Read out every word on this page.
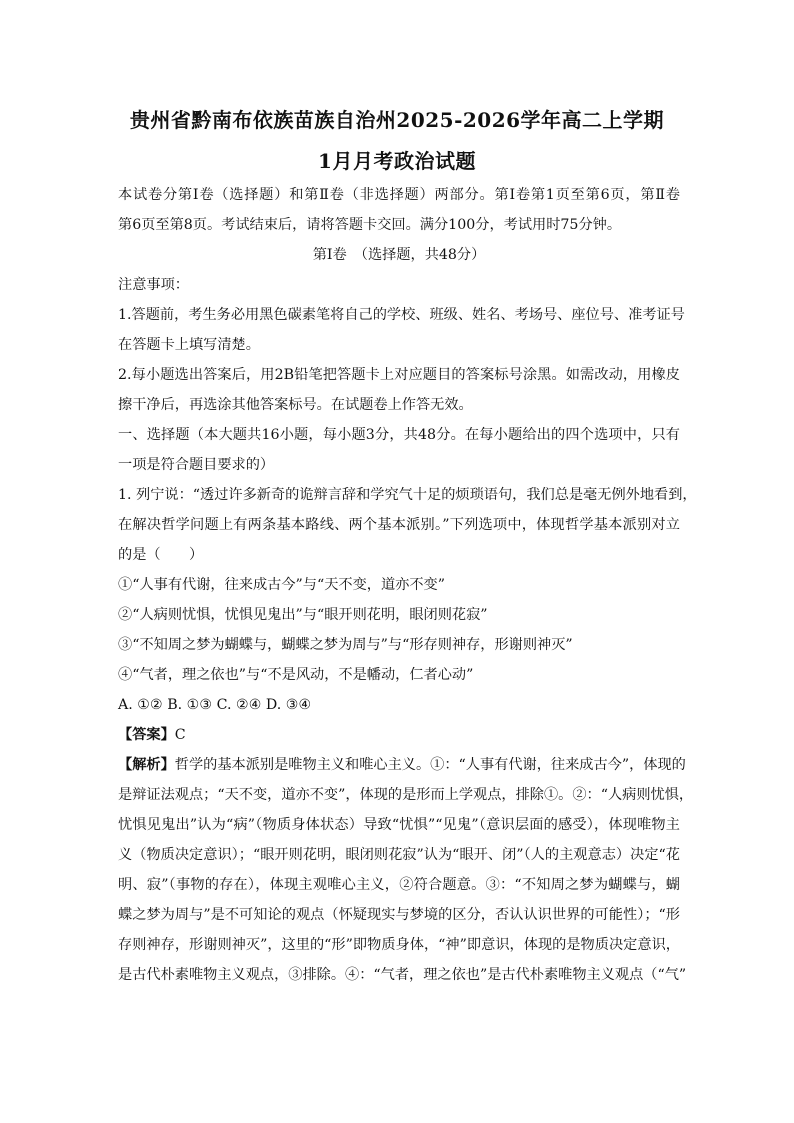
贵州省黔南布依族苗族自治州2025-2026学年高二上学期
1月月考政治试题
本试卷分第Ⅰ卷（选择题）和第Ⅱ卷（非选择题）两部分。第Ⅰ卷第1页至第6页，第Ⅱ卷
第6页至第8页。考试结束后，请将答题卡交回。满分100分，考试用时75分钟。
第Ⅰ卷　（选择题，共48分）
注意事项：
1.答题前，考生务必用黑色碳素笔将自己的学校、班级、姓名、考场号、座位号、准考证号
在答题卡上填写清楚。
2.每小题选出答案后，用2B铅笔把答题卡上对应题目的答案标号涂黑。如需改动，用橡皮
擦干净后，再选涂其他答案标号。在试题卷上作答无效。
一、选择题（本大题共16小题，每小题3分，共48分。在每小题给出的四个选项中，只有
一项是符合题目要求的）
1. 列宁说：“透过许多新奇的诡辩言辞和学究气十足的烦琐语句，我们总是毫无例外地看到，
在解决哲学问题上有两条基本路线、两个基本派别。”下列选项中，体现哲学基本派别对立
的是（　　）
①“人事有代谢，往来成古今”与“天不变，道亦不变”
②“人病则忧惧，忧惧见鬼出”与“眼开则花明，眼闭则花寂”
③“不知周之梦为蝴蝶与，蝴蝶之梦为周与”与“形存则神存，形谢则神灭”
④“气者，理之依也”与“不是风动，不是幡动，仁者心动”
A. ①② B. ①③ C. ②④ D. ③④
【答案】C
【解析】哲学的基本派别是唯物主义和唯心主义。①：“人事有代谢，往来成古今”，体现的
是辩证法观点；“天不变，道亦不变”，体现的是形而上学观点，排除①。②：“人病则忧惧，
忧惧见鬼出”认为“病”（物质身体状态）导致“忧惧”“见鬼”（意识层面的感受），体现唯物主
义（物质决定意识）；“眼开则花明，眼闭则花寂”认为“眼开、闭”（人的主观意志）决定“花
明、寂”（事物的存在），体现主观唯心主义，②符合题意。③：“不知周之梦为蝴蝶与，蝴
蝶之梦为周与”是不可知论的观点（怀疑现实与梦境的区分，否认认识世界的可能性）；“形
存则神存，形谢则神灭”，这里的“形”即物质身体，“神”即意识，体现的是物质决定意识，
是古代朴素唯物主义观点，③排除。④：“气者，理之依也”是古代朴素唯物主义观点（“气”
